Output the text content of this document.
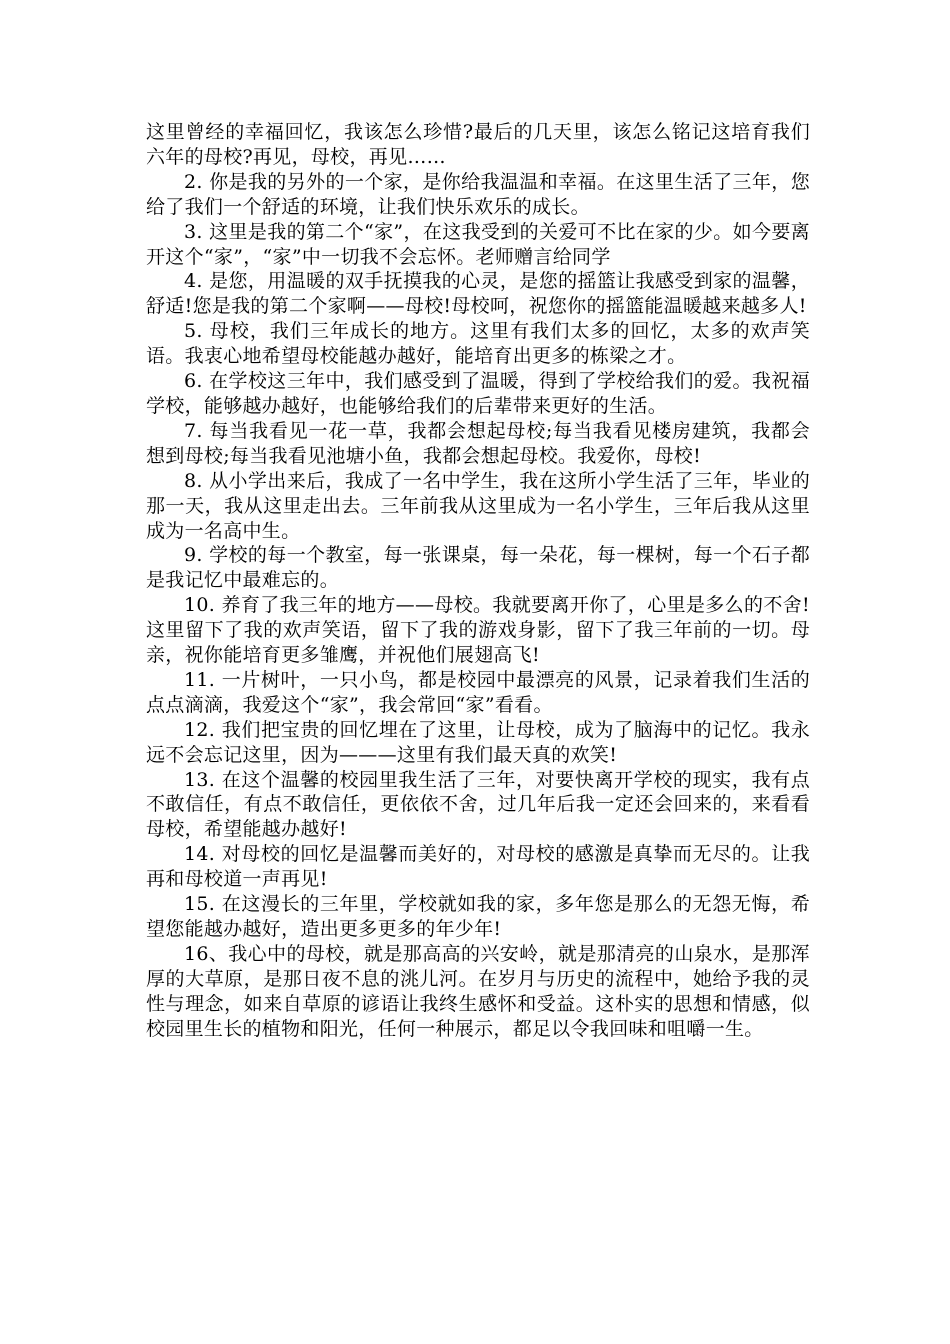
这里曾经的幸福回忆，我该怎么珍惜?最后的几天里，该怎么铭记这培育我们六年的母校?再见，母校，再见……

2. 你是我的另外的一个家，是你给我温温和幸福。在这里生活了三年，您给了我们一个舒适的环境，让我们快乐欢乐的成长。

3. 这里是我的第二个“家”，在这我受到的关爱可不比在家的少。如今要离开这个“家”，“家”中一切我不会忘怀。老师赠言给同学

4. 是您，用温暖的双手抚摸我的心灵，是您的摇篮让我感受到家的温馨，舒适!您是我的第二个家啊——母校!母校呵，祝您你的摇篮能温暖越来越多人!

5. 母校，我们三年成长的地方。这里有我们太多的回忆，太多的欢声笑语。我衷心地希望母校能越办越好，能培育出更多的栋梁之才。

6. 在学校这三年中，我们感受到了温暖，得到了学校给我们的爱。我祝福学校，能够越办越好，也能够给我们的后辈带来更好的生活。

7. 每当我看见一花一草，我都会想起母校;每当我看见楼房建筑，我都会想到母校;每当我看见池塘小鱼，我都会想起母校。我爱你，母校!

8. 从小学出来后，我成了一名中学生，我在这所小学生活了三年，毕业的那一天，我从这里走出去。三年前我从这里成为一名小学生，三年后我从这里成为一名高中生。

9. 学校的每一个教室，每一张课桌，每一朵花，每一棵树，每一个石子都是我记忆中最难忘的。

10. 养育了我三年的地方——母校。我就要离开你了，心里是多么的不舍!这里留下了我的欢声笑语，留下了我的游戏身影，留下了我三年前的一切。母亲，祝你能培育更多雏鹰，并祝他们展翅高飞!

11. 一片树叶，一只小鸟，都是校园中最漂亮的风景，记录着我们生活的点点滴滴，我爱这个“家”，我会常回“家”看看。

12. 我们把宝贵的回忆埋在了这里，让母校，成为了脑海中的记忆。我永远不会忘记这里，因为———这里有我们最天真的欢笑!

13. 在这个温馨的校园里我生活了三年，对要快离开学校的现实，我有点不敢信任，有点不敢信任，更依依不舍，过几年后我一定还会回来的，来看看母校，希望能越办越好!

14. 对母校的回忆是温馨而美好的，对母校的感激是真挚而无尽的。让我再和母校道一声再见!

15. 在这漫长的三年里，学校就如我的家，多年您是那么的无怨无悔，希望您能越办越好，造出更多更多的年少年!

16、我心中的母校，就是那高高的兴安岭，就是那清亮的山泉水，是那浑厚的大草原，是那日夜不息的洮儿河。在岁月与历史的流程中，她给予我的灵性与理念，如来自草原的谚语让我终生感怀和受益。这朴实的思想和情感，似校园里生长的植物和阳光，任何一种展示，都足以令我回味和咀嚼一生。
